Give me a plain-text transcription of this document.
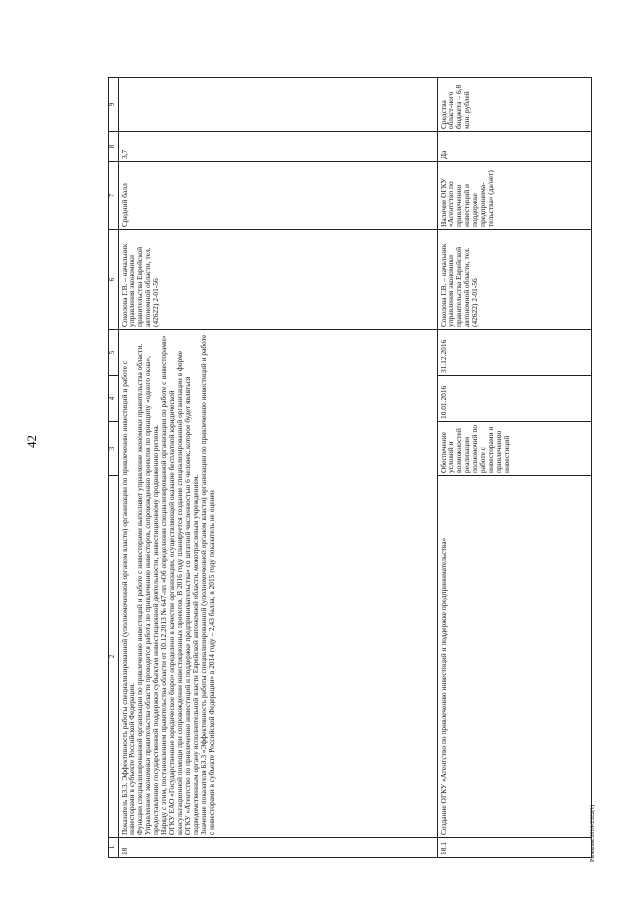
42
Рыжкова/2016-2322(1)
1	2	3	4	5	6	7	8	9
18	Показатель Б3.3. Эффективность работы специализированной (уполномоченной органом власти) организации по привлечению инвестиций и работе с инвесторами в субъекте Российской Федерации.

Функции специализированной организации по привлечению инвестиций и работе с инвесторами выполняет управление экономики правительства области.

Управлением экономики правительства области проводится работа по привлечению инвесторов, сопровождению проектов по принципу «одного окна», предоставлению государственной поддержки субъектам инвестиционной деятельности, инвестиционному продвижению региона.

Наряду с этим, постановлением правительства области от 10.12.2013 № 647-пп «Об определении специализированной организации по работе с инвесторами» ОГКУ ЕАО «Государственное юридическое бюро» определено в качестве организации, осуществляющей оказание бесплатной юридической консультационной помощи при сопровождении инвестиционных проектов. В 2016 году планируется создание специализированной организации в форме ОГКУ «Агентство по привлечению инвестиций и поддержке предпринимательства» со штатной численностью 6 человек, которое будет являться подведомственным органу исполнительной власти Еврейской автономной области, межотраслевым учреждением.

Значение показателя Б3.3 «Эффективность работы специализированной (уполномоченной органом власти) организации по привлечению инвестиций и работе с инвесторами в субъекте Российской Федерации» в 2014 году – 2,43 балла, в 2015 году показатель не оценен				Соколова Г.В. – начальник управления экономики правительства Еврейской автономной области, тел. (42622) 2-01-56	Средний балл	3,7	
18.1	Создание ОГКУ «Агентство по привлечению инвестиций и поддержке предпринимательства»	Обеспечение условий и возможностей реализации полномочий по работе с инвесторами и привлечению инвестиций	10.01.2016	31.12.2016	Соколова Г.В. – начальник управления экономики правительства Еврейской автономной области, тел. (42622) 2-01-56	Наличие ОГКУ «Агентство по привлечению инвестиций и поддержке предпринима-тельства» (да/нет)	Да	Средства област-ного бюджета – 6,8 млн. рублей
